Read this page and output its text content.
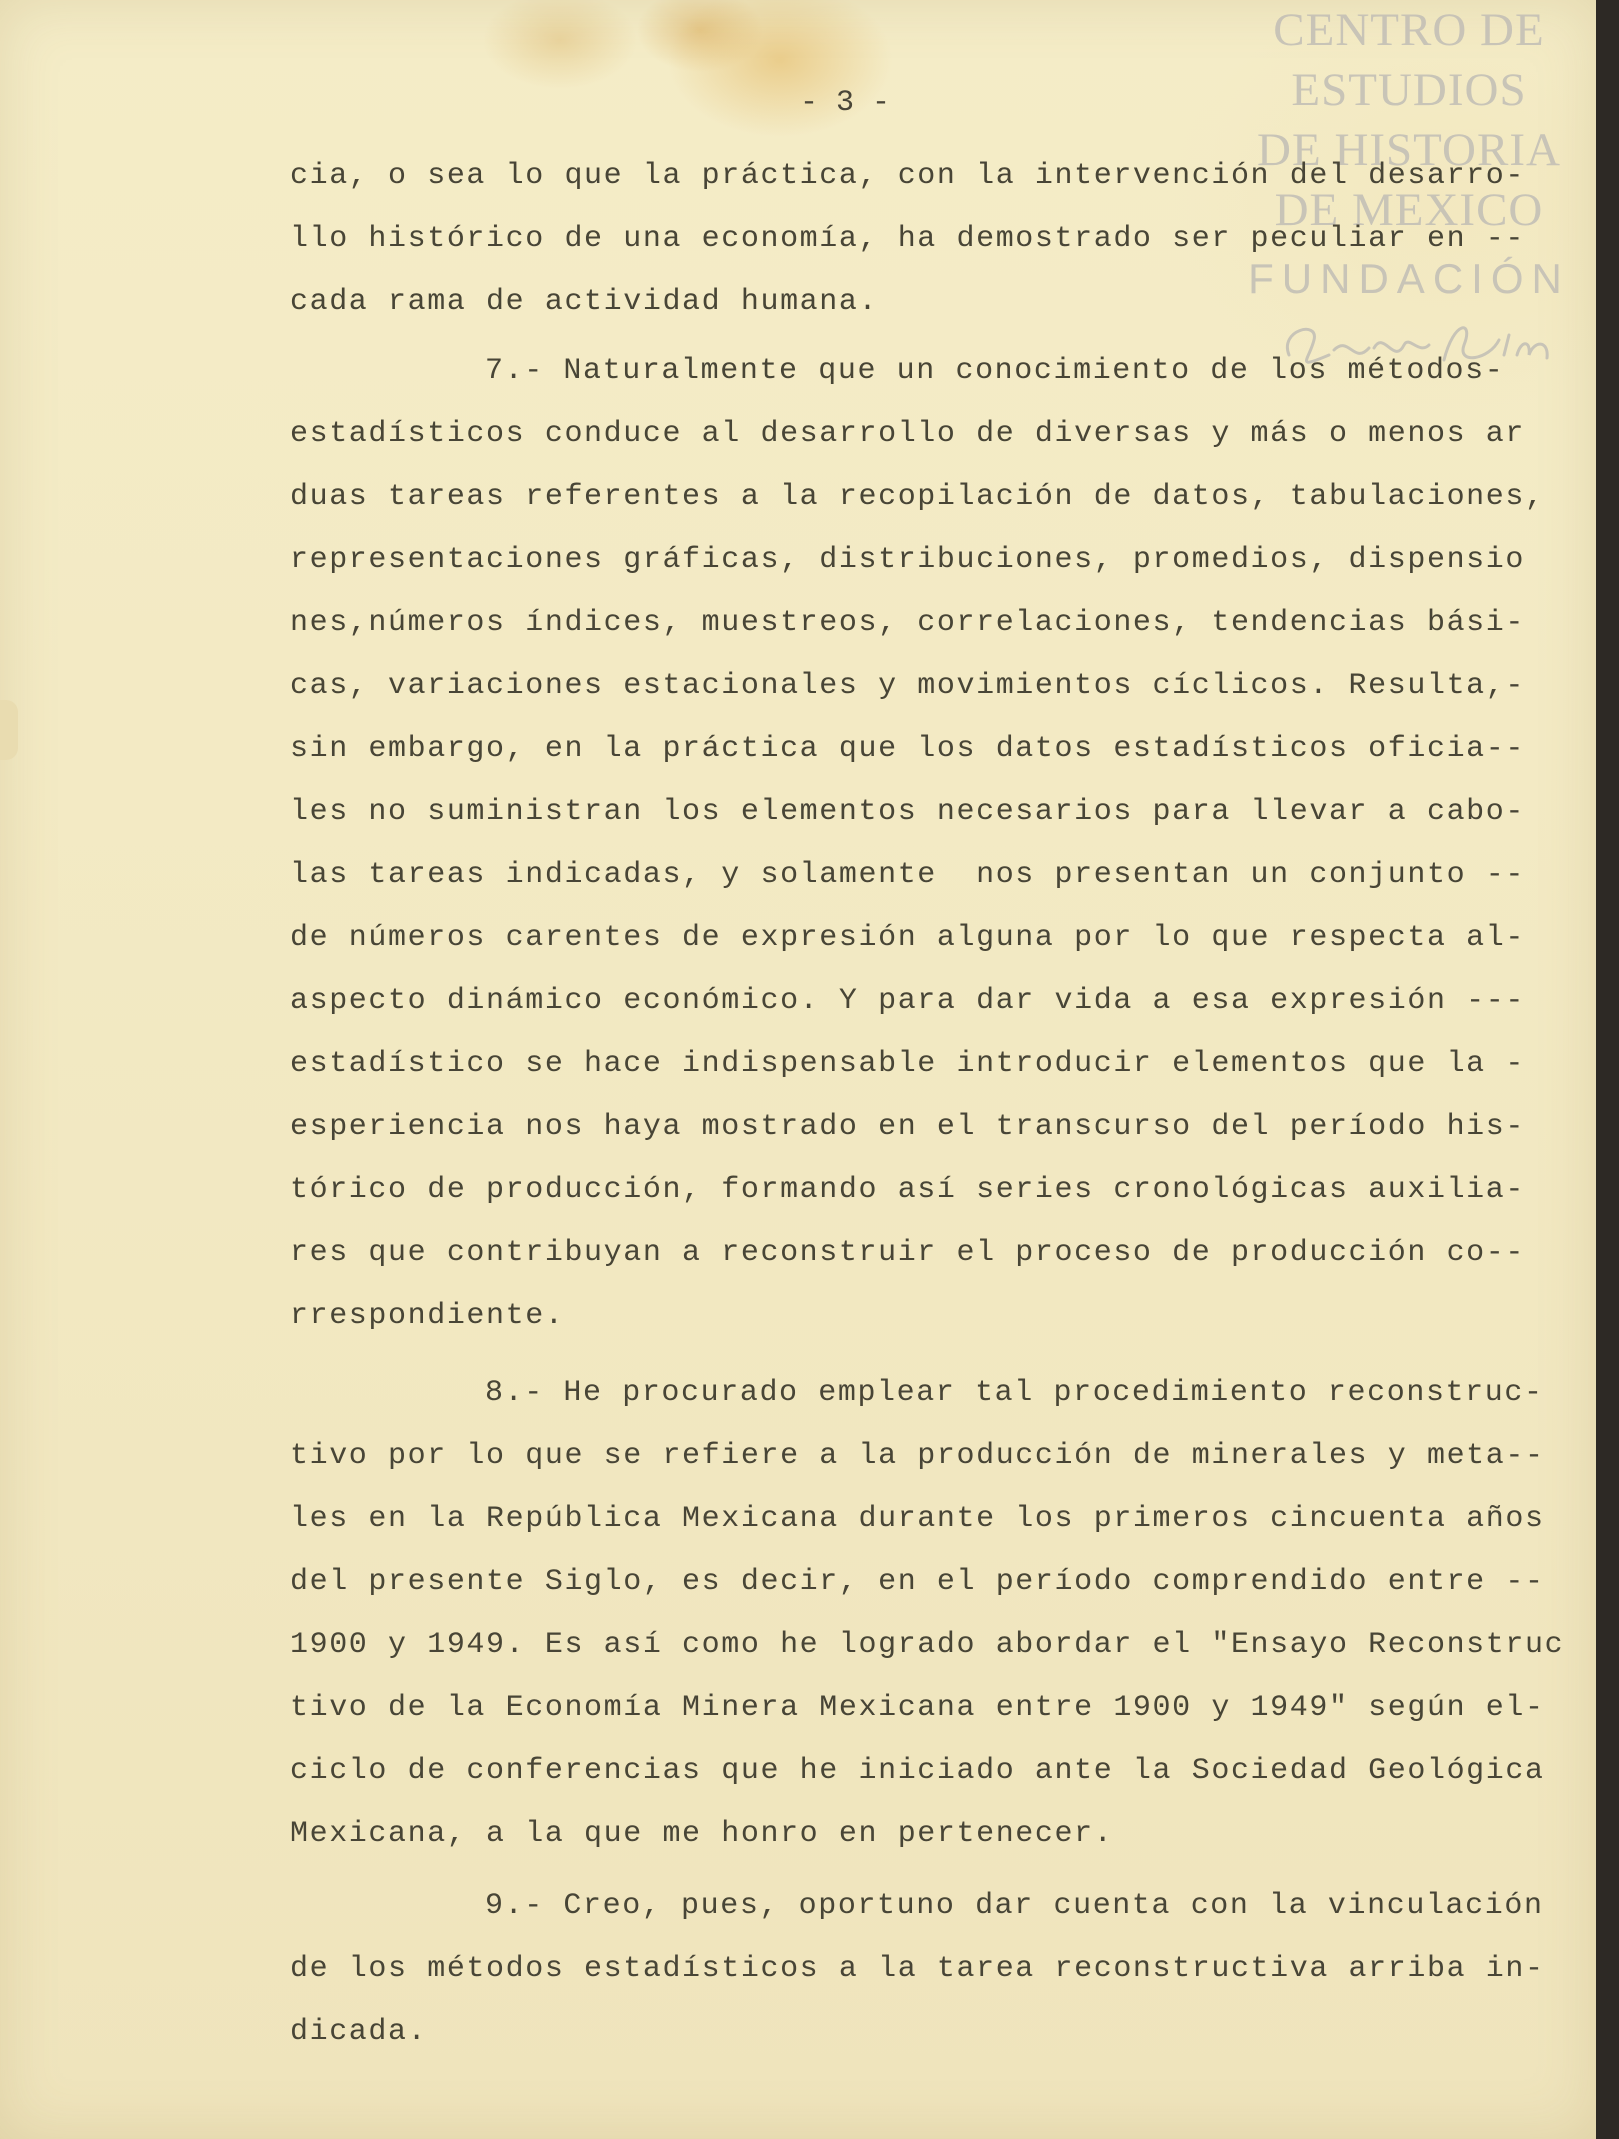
CENTRO DE
ESTUDIOS
DE HISTORIA
DE MEXICO
FUNDACIÓN
- 3 -
cia, o sea lo que la práctica, con la intervención del desarro-
llo histórico de una economía, ha demostrado ser peculiar en --
cada rama de actividad humana.
7.- Naturalmente que un conocimiento de los métodos-
estadísticos conduce al desarrollo de diversas y más o menos ar
duas tareas referentes a la recopilación de datos, tabulaciones,
representaciones gráficas, distribuciones, promedios, dispensio
nes,números índices, muestreos, correlaciones, tendencias bási-
cas, variaciones estacionales y movimientos cíclicos. Resulta,-
sin embargo, en la práctica que los datos estadísticos oficia--
les no suministran los elementos necesarios para llevar a cabo-
las tareas indicadas, y solamente  nos presentan un conjunto --
de números carentes de expresión alguna por lo que respecta al-
aspecto dinámico económico. Y para dar vida a esa expresión ---
estadístico se hace indispensable introducir elementos que la -
esperiencia nos haya mostrado en el transcurso del período his-
tórico de producción, formando así series cronológicas auxilia-
res que contribuyan a reconstruir el proceso de producción co--
rrespondiente.
8.- He procurado emplear tal procedimiento reconstruc-
tivo por lo que se refiere a la producción de minerales y meta--
les en la República Mexicana durante los primeros cincuenta años
del presente Siglo, es decir, en el período comprendido entre --
1900 y 1949. Es así como he logrado abordar el "Ensayo Reconstruc
tivo de la Economía Minera Mexicana entre 1900 y 1949" según el-
ciclo de conferencias que he iniciado ante la Sociedad Geológica
Mexicana, a la que me honro en pertenecer.
9.- Creo, pues, oportuno dar cuenta con la vinculación
de los métodos estadísticos a la tarea reconstructiva arriba in-
dicada.
